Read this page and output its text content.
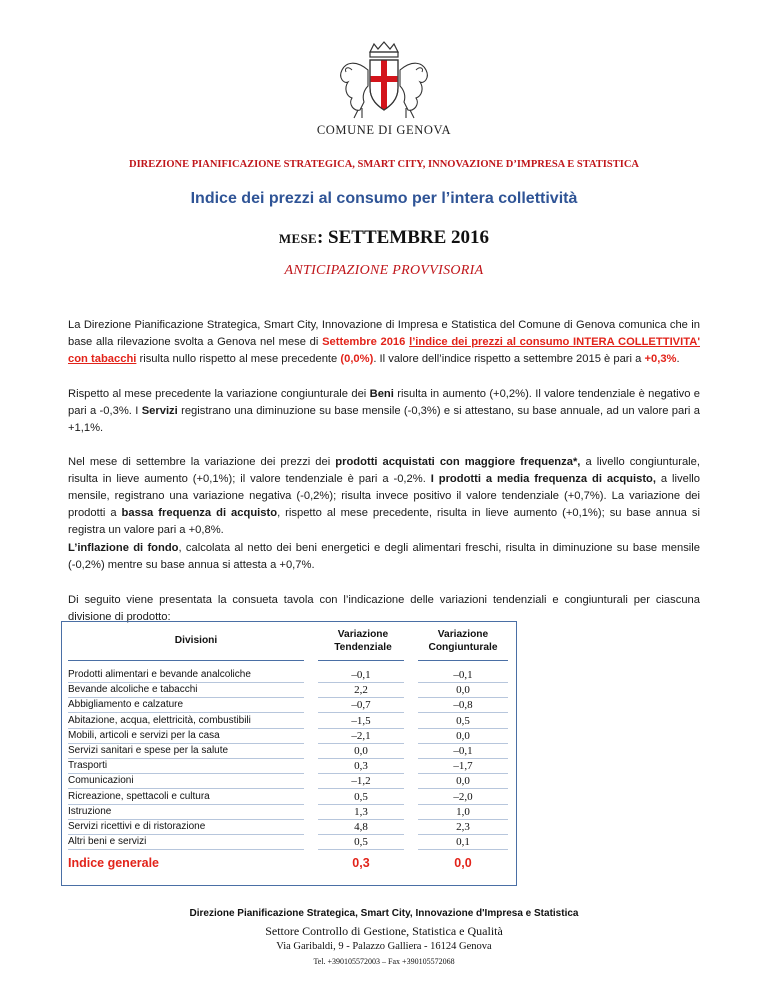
COMUNE DI GENOVA
DIREZIONE PIANIFICAZIONE STRATEGICA, SMART CITY, INNOVAZIONE D’IMPRESA E STATISTICA
Indice dei prezzi al consumo per l’intera collettività
MESE: SETTEMBRE 2016
ANTICIPAZIONE PROVVISORIA
La Direzione Pianificazione Strategica, Smart City, Innovazione di Impresa e Statistica del Comune di Genova comunica che in base alla rilevazione svolta a Genova nel mese di Settembre 2016 l’indice dei prezzi al consumo INTERA COLLETTIVITA' con tabacchi risulta nullo rispetto al mese precedente (0,0%). Il valore dell’indice rispetto a settembre 2015 è pari a +0,3%.
Rispetto al mese precedente la variazione congiunturale dei Beni risulta in aumento (+0,2%). Il valore tendenziale è negativo e pari a -0,3%. I Servizi registrano una diminuzione su base mensile (-0,3%) e si attestano, su base annuale, ad un valore pari a +1,1%.
Nel mese di settembre la variazione dei prezzi dei prodotti acquistati con maggiore frequenza*, a livello congiunturale, risulta in lieve aumento (+0,1%); il valore tendenziale è pari a -0,2%. I prodotti a media frequenza di acquisto, a livello mensile, registrano una variazione negativa (-0,2%); risulta invece positivo il valore tendenziale (+0,7%). La variazione dei prodotti a bassa frequenza di acquisto, rispetto al mese precedente, risulta in lieve aumento (+0,1%); su base annua si registra un valore pari a +0,8%.
L’inflazione di fondo, calcolata al netto dei beni energetici e degli alimentari freschi, risulta in diminuzione su base mensile (-0,2%) mentre su base annua si attesta a +0,7%.
Di seguito viene presentata la consueta tavola con l’indicazione delle variazioni tendenziali e congiunturali per ciascuna divisione di prodotto:
Divisioni
Variazione Tendenziale
Variazione Congiunturale
Prodotti alimentari e bevande analcoliche	–0,1	–0,1
Bevande alcoliche e tabacchi	2,2	0,0
Abbigliamento e calzature	–0,7	–0,8
Abitazione, acqua, elettricità, combustibili	–1,5	0,5
Mobili, articoli e servizi per la casa	–2,1	0,0
Servizi sanitari e spese per la salute	0,0	–0,1
Trasporti	0,3	–1,7
Comunicazioni	–1,2	0,0
Ricreazione, spettacoli e cultura	0,5	–2,0
Istruzione	1,3	1,0
Servizi ricettivi e di ristorazione	4,8	2,3
Altri beni e servizi	0,5	0,1
Indice generale	0,3	0,0
Direzione Pianificazione Strategica, Smart City, Innovazione d'Impresa e Statistica
Settore Controllo di Gestione, Statistica e Qualità
Via Garibaldi, 9 - Palazzo Galliera - 16124 Genova
Tel. +390105572003 – Fax +390105572068
